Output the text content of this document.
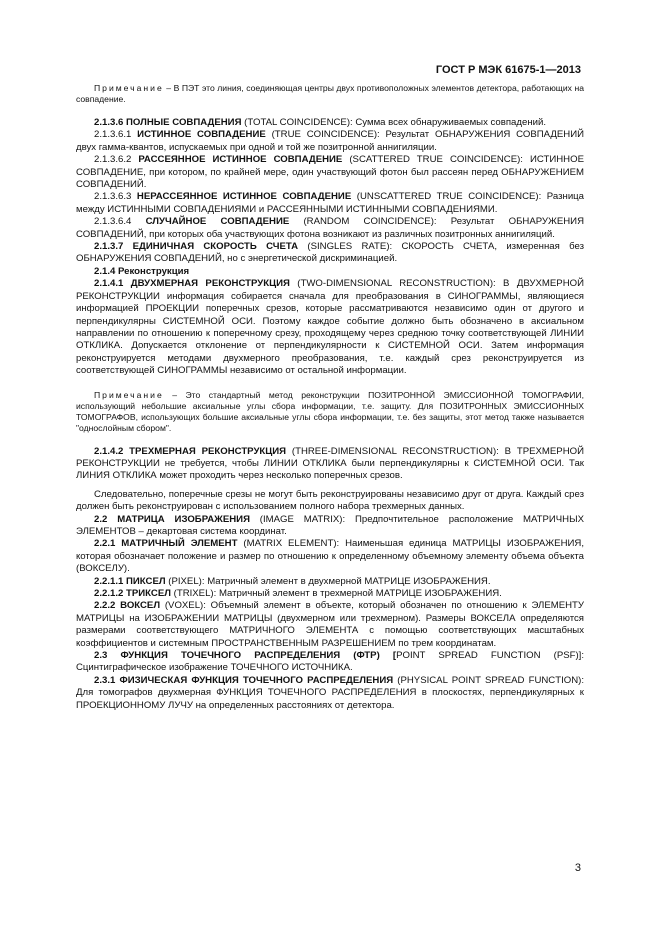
ГОСТ Р МЭК 61675-1—2013

Примечание – В ПЭТ это линия, соединяющая центры двух противоположных элементов детектора, работающих на совпадение.

2.1.3.6 ПОЛНЫЕ СОВПАДЕНИЯ (TOTAL COINCIDENCE): Сумма всех обнаруживаемых совпадений.

2.1.3.6.1 ИСТИННОЕ СОВПАДЕНИЕ (TRUE COINCIDENCE): Результат ОБНАРУЖЕНИЯ СОВПАДЕНИЙ двух гамма-квантов, испускаемых при одной и той же позитронной аннигиляции.

2.1.3.6.2 РАССЕЯННОЕ ИСТИННОЕ СОВПАДЕНИЕ (SCATTERED TRUE COINCIDENCE): ИСТИННОЕ СОВПАДЕНИЕ, при котором, по крайней мере, один участвующий фотон был рассеян перед ОБНАРУЖЕНИЕМ СОВПАДЕНИЙ.

2.1.3.6.3 НЕРАССЕЯННОЕ ИСТИННОЕ СОВПАДЕНИЕ (UNSCATTERED TRUE COINCIDENCE): Разница между ИСТИННЫМИ СОВПАДЕНИЯМИ и РАССЕЯННЫМИ ИСТИННЫМИ СОВПАДЕНИЯМИ.

2.1.3.6.4 СЛУЧАЙНОЕ СОВПАДЕНИЕ (RANDOM COINCIDENCE): Результат ОБНАРУЖЕНИЯ СОВПАДЕНИЙ, при которых оба участвующих фотона возникают из различных позитронных аннигиляций.

2.1.3.7 ЕДИНИЧНАЯ СКОРОСТЬ СЧЕТА (SINGLES RATE): СКОРОСТЬ СЧЕТА, измеренная без ОБНАРУЖЕНИЯ СОВПАДЕНИЙ, но с энергетической дискриминацией.

2.1.4 Реконструкция

2.1.4.1 ДВУХМЕРНАЯ РЕКОНСТРУКЦИЯ (TWO-DIMENSIONAL RECONSTRUCTION): В ДВУХМЕРНОЙ РЕКОНСТРУКЦИИ информация собирается сначала для преобразования в СИНОГРАММЫ, являющиеся информацией ПРОЕКЦИИ поперечных срезов, которые рассматриваются независимо один от другого и перпендикулярны СИСТЕМНОЙ ОСИ. Поэтому каждое событие должно быть обозначено в аксиальном направлении по отношению к поперечному срезу, проходящему через среднюю точку соответствующей ЛИНИИ ОТКЛИКА. Допускается отклонение от перпендикулярности к СИСТЕМНОЙ ОСИ. Затем информация реконструируется методами двухмерного преобразования, т.е. каждый срез реконструируется из соответствующей СИНОГРАММЫ независимо от остальной информации.

Примечание – Это стандартный метод реконструкции ПОЗИТРОННОЙ ЭМИССИОННОЙ ТОМОГРАФИИ, использующий небольшие аксиальные углы сбора информации, т.е. защиту. Для ПОЗИТРОННЫХ ЭМИССИОННЫХ ТОМОГРАФОВ, использующих большие аксиальные углы сбора информации, т.е. без защиты, этот метод также называется "однослойным сбором".

2.1.4.2 ТРЕХМЕРНАЯ РЕКОНСТРУКЦИЯ (THREE-DIMENSIONAL RECONSTRUCTION): В ТРЕХМЕРНОЙ РЕКОНСТРУКЦИИ не требуется, чтобы ЛИНИИ ОТКЛИКА были перпендикулярны к СИСТЕМНОЙ ОСИ. Так ЛИНИЯ ОТКЛИКА может проходить через несколько поперечных срезов.

Следовательно, поперечные срезы не могут быть реконструированы независимо друг от друга. Каждый срез должен быть реконструирован с использованием полного набора трехмерных данных.

2.2 МАТРИЦА ИЗОБРАЖЕНИЯ (IMAGE MATRIX): Предпочтительное расположение МАТРИЧНЫХ ЭЛЕМЕНТОВ – декартовая система координат.

2.2.1 МАТРИЧНЫЙ ЭЛЕМЕНТ (MATRIX ELEMENT): Наименьшая единица МАТРИЦЫ ИЗОБРАЖЕНИЯ, которая обозначает положение и размер по отношению к определенному объемному элементу объема объекта (ВОКСЕЛУ).

2.2.1.1 ПИКСЕЛ (PIXEL): Матричный элемент в двухмерной МАТРИЦЕ ИЗОБРАЖЕНИЯ.

2.2.1.2 ТРИКСЕЛ (TRIXEL): Матричный элемент в трехмерной МАТРИЦЕ ИЗОБРАЖЕНИЯ.

2.2.2 ВОКСЕЛ (VOXEL): Объемный элемент в объекте, который обозначен по отношению к ЭЛЕМЕНТУ МАТРИЦЫ на ИЗОБРАЖЕНИИ МАТРИЦЫ (двухмерном или трехмерном). Размеры ВОКСЕЛА определяются размерами соответствующего МАТРИЧНОГО ЭЛЕМЕНТА с помощью соответствующих масштабных коэффициентов и системным ПРОСТРАНСТВЕННЫМ РАЗРЕШЕНИЕМ по трем координатам.

2.3 ФУНКЦИЯ ТОЧЕЧНОГО РАСПРЕДЕЛЕНИЯ (ФТР) [POINT SPREAD FUNCTION (PSF)]: Сцинтиграфическое изображение ТОЧЕЧНОГО ИСТОЧНИКА.

2.3.1 ФИЗИЧЕСКАЯ ФУНКЦИЯ ТОЧЕЧНОГО РАСПРЕДЕЛЕНИЯ (PHYSICAL POINT SPREAD FUNCTION): Для томографов двухмерная ФУНКЦИЯ ТОЧЕЧНОГО РАСПРЕДЕЛЕНИЯ в плоскостях, перпендикулярных к ПРОЕКЦИОННОМУ ЛУЧУ на определенных расстояниях от детектора.

3
